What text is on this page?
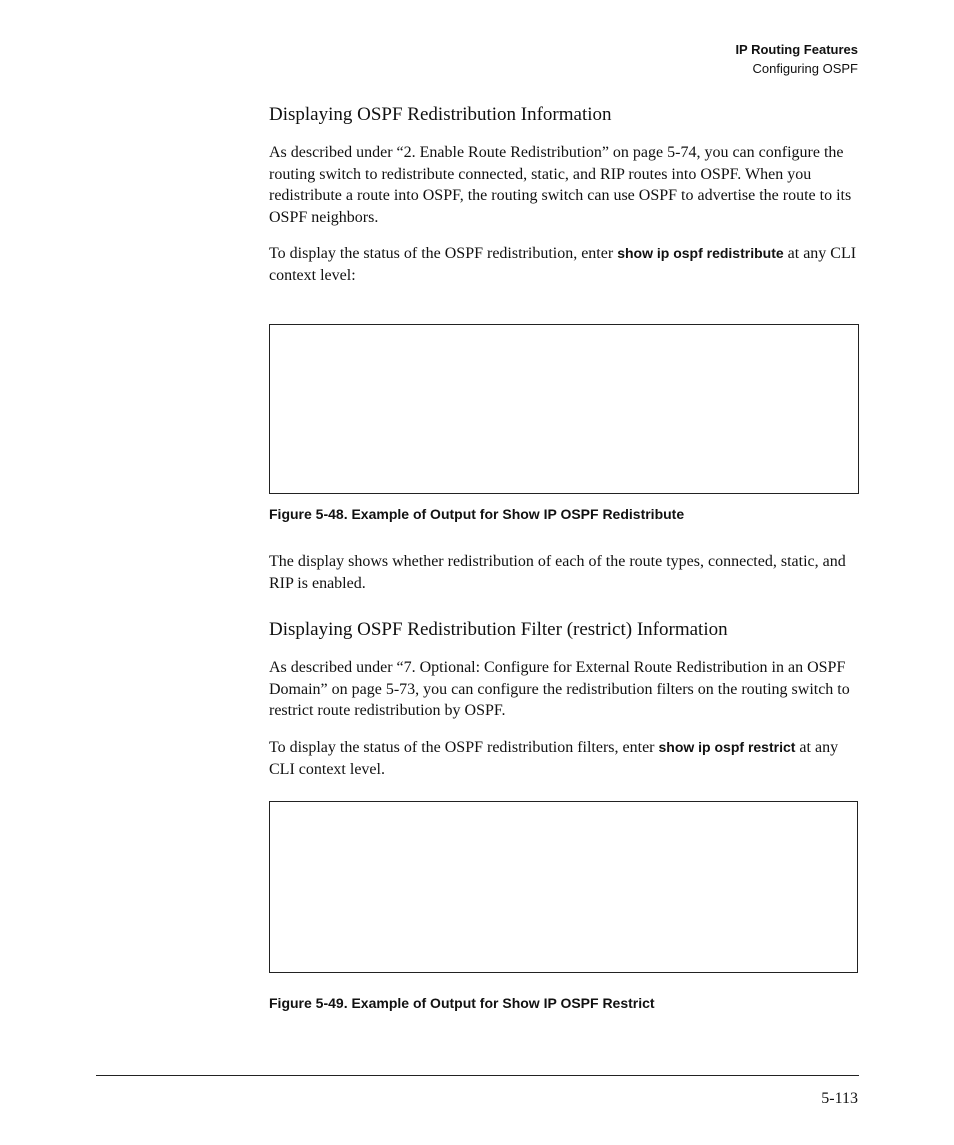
IP Routing Features
Configuring OSPF
Displaying OSPF Redistribution Information

As described under “2. Enable Route Redistribution” on page 5-74, you can configure the routing switch to redistribute connected, static, and RIP routes into OSPF. When you redistribute a route into OSPF, the routing switch can use OSPF to advertise the route to its OSPF neighbors.

To display the status of the OSPF redistribution, enter show ip ospf redistribute at any CLI context level:

Figure 5-48. Example of Output for Show IP OSPF Redistribute

The display shows whether redistribution of each of the route types, connected, static, and RIP is enabled.

Displaying OSPF Redistribution Filter (restrict) Information

As described under “7. Optional: Configure for External Route Redistribution in an OSPF Domain” on page 5-73, you can configure the redistribution filters on the routing switch to restrict route redistribution by OSPF.

To display the status of the OSPF redistribution filters, enter show ip ospf restrict at any CLI context level.

Figure 5-49. Example of Output for Show IP OSPF Restrict
5-113
